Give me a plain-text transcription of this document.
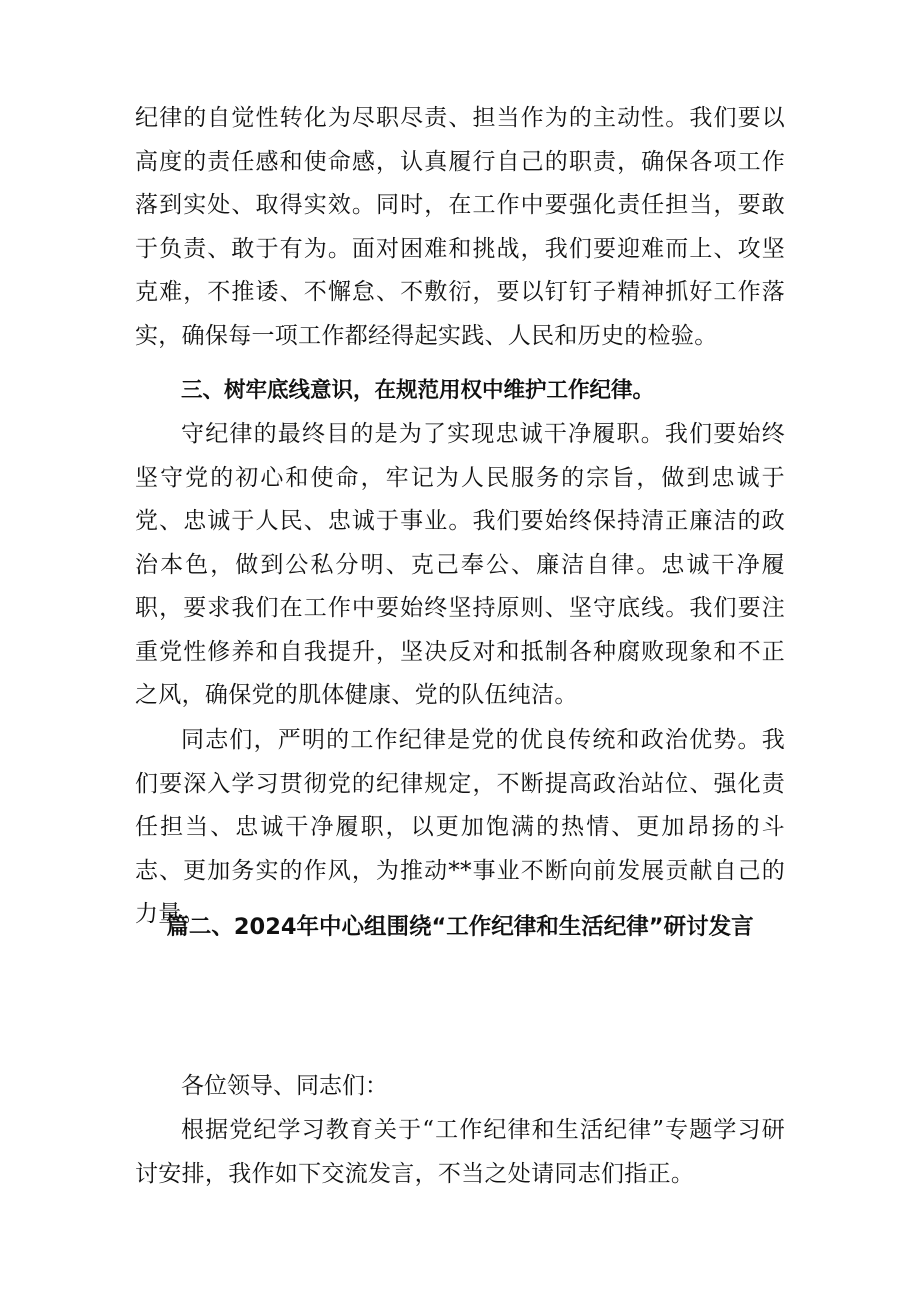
纪律的自觉性转化为尽职尽责、担当作为的主动性。我们要以高度的责任感和使命感，认真履行自己的职责，确保各项工作落到实处、取得实效。同时，在工作中要强化责任担当，要敢于负责、敢于有为。面对困难和挑战，我们要迎难而上、攻坚克难，不推诿、不懈怠、不敷衍，要以钉钉子精神抓好工作落实，确保每一项工作都经得起实践、人民和历史的检验。

三、树牢底线意识，在规范用权中维护工作纪律。

守纪律的最终目的是为了实现忠诚干净履职。我们要始终坚守党的初心和使命，牢记为人民服务的宗旨，做到忠诚于党、忠诚于人民、忠诚于事业。我们要始终保持清正廉洁的政治本色，做到公私分明、克己奉公、廉洁自律。忠诚干净履职，要求我们在工作中要始终坚持原则、坚守底线。我们要注重党性修养和自我提升，坚决反对和抵制各种腐败现象和不正之风，确保党的肌体健康、党的队伍纯洁。

同志们，严明的工作纪律是党的优良传统和政治优势。我们要深入学习贯彻党的纪律规定，不断提高政治站位、强化责任担当、忠诚干净履职，以更加饱满的热情、更加昂扬的斗志、更加务实的作风，为推动**事业不断向前发展贡献自己的力量。

篇二、2024年中心组围绕“工作纪律和生活纪律”研讨发言

各位领导、同志们：

根据党纪学习教育关于“工作纪律和生活纪律”专题学习研讨安排，我作如下交流发言，不当之处请同志们指正。
